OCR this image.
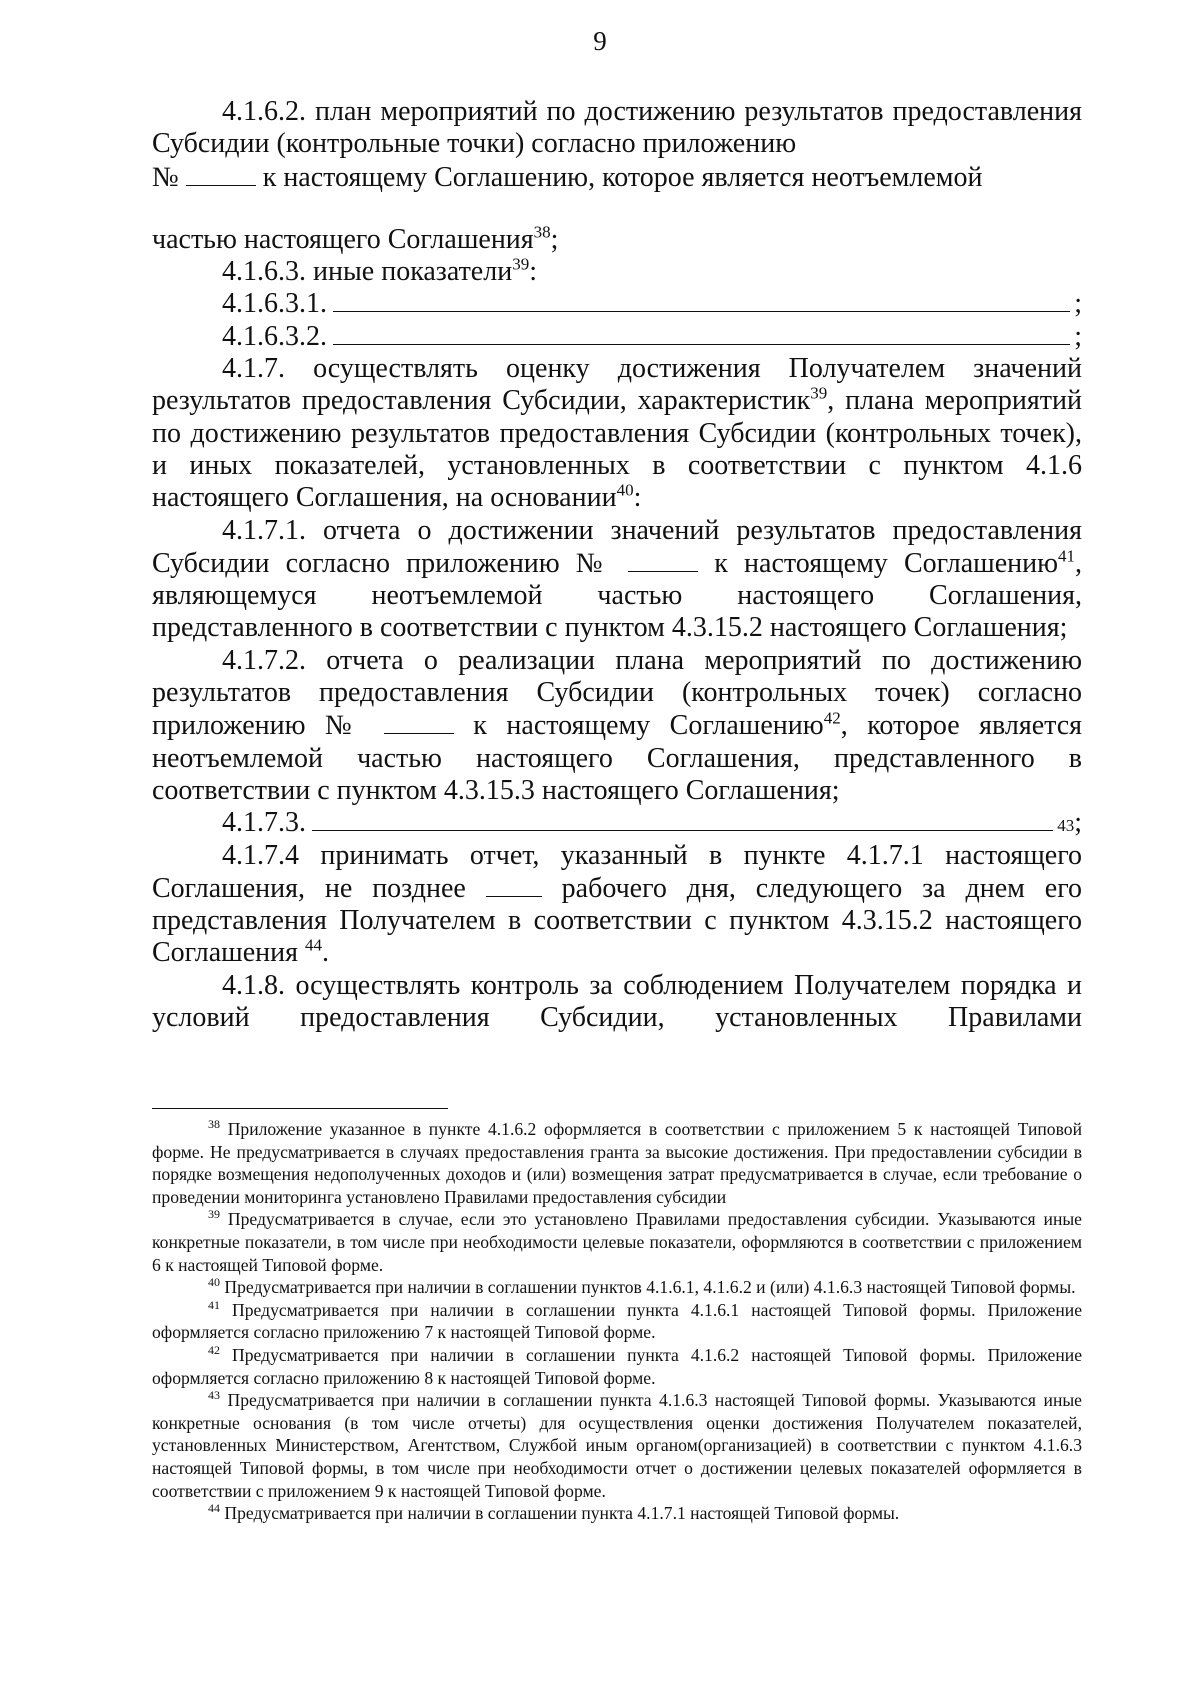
9

4.1.6.2. план мероприятий по достижению результатов предоставления Субсидии (контрольные точки) согласно приложению

№	к настоящему Соглашению, которое является неотъемлемой

частью настоящего Соглашения$^{38}$;

4.1.6.3. иные показатели$^{39}$:

4.1.6.3.1.	;
4.1.6.3.2.	;

4.1.7. осуществлять оценку достижения Получателем значений результатов предоставления Субсидии, характеристик$^{39}$, плана мероприятий по достижению результатов предоставления Субсидии (контрольных точек), и иных показателей, установленных в соответствии с пунктом 4.1.6 настоящего Соглашения, на основании$^{40}$:

4.1.7.1. отчета о достижении значений результатов предоставления Субсидии согласно приложению №	к настоящему Соглашению$^{41}$, являющемуся неотъемлемой частью настоящего Соглашения, представленного в соответствии с пунктом 4.3.15.2 настоящего Соглашения;

4.1.7.2. отчета о реализации плана мероприятий по достижению результатов предоставления Субсидии (контрольных точек) согласно приложению №	к настоящему Соглашению$^{42}$, которое является неотъемлемой частью настоящего Соглашения, представленного в соответствии с пунктом 4.3.15.3 настоящего Соглашения;

4.1.7.3.	43 ;

4.1.7.4 принимать отчет, указанный в пункте 4.1.7.1 настоящего Соглашения, не позднее	рабочего дня, следующего за днем его представления Получателем в соответствии с пунктом 4.3.15.2 настоящего Соглашения $^{44}$.

4.1.8. осуществлять контроль за соблюдением Получателем порядка и условий предоставления Субсидии, установленных Правилами

$^{38}$ Приложение указанное в пункте 4.1.6.2 оформляется в соответствии с приложением 5 к настоящей Типовой форме. Не предусматривается в случаях предоставления гранта за высокие достижения. При предоставлении субсидии в порядке возмещения недополученных доходов и (или) возмещения затрат предусматривается в случае, если требование о проведении мониторинга установлено Правилами предоставления субсидии

$^{39}$ Предусматривается в случае, если это установлено Правилами предоставления субсидии. Указываются иные конкретные показатели, в том числе при необходимости целевые показатели, оформляются в соответствии с приложением 6 к настоящей Типовой форме.

$^{40}$ Предусматривается при наличии в соглашении пунктов 4.1.6.1, 4.1.6.2 и (или) 4.1.6.3 настоящей Типовой формы.

$^{41}$ Предусматривается при наличии в соглашении пункта 4.1.6.1 настоящей Типовой формы. Приложение оформляется согласно приложению 7 к настоящей Типовой форме.

$^{42}$ Предусматривается при наличии в соглашении пункта 4.1.6.2 настоящей Типовой формы. Приложение оформляется согласно приложению 8 к настоящей Типовой форме.

$^{43}$ Предусматривается при наличии в соглашении пункта 4.1.6.3 настоящей Типовой формы. Указываются иные конкретные основания (в том числе отчеты) для осуществления оценки достижения Получателем показателей, установленных Министерством, Агентством, Службой иным органом(организацией) в соответствии с пунктом 4.1.6.3 настоящей Типовой формы, в том числе при необходимости отчет о достижении целевых показателей оформляется в соответствии с приложением 9 к настоящей Типовой форме.

$^{44}$ Предусматривается при наличии в соглашении пункта 4.1.7.1 настоящей Типовой формы.
